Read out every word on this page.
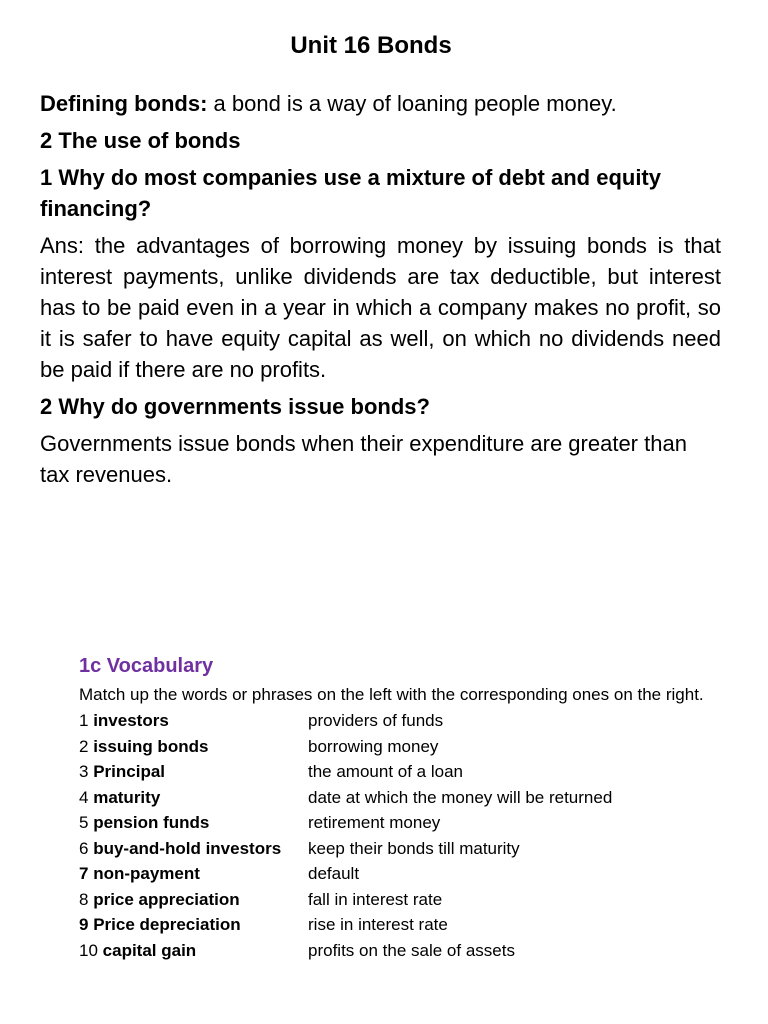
Unit 16 Bonds

Defining bonds: a bond is a way of loaning people money.

2 The use of bonds

1 Why do most companies use a mixture of debt and equity financing?

Ans: the advantages of borrowing money by issuing bonds is that interest payments, unlike dividends are tax deductible, but interest has to be paid even in a year in which a company makes no profit, so it is safer to have equity capital as well, on which no dividends need be paid if there are no profits.

2 Why do governments issue bonds?

Governments issue bonds when their expenditure are greater than tax revenues.

1c Vocabulary

Match up the words or phrases on the left with the corresponding ones on the right.

1 investors	providers of funds
2 issuing bonds	borrowing money
3 Principal	the amount of a loan
4 maturity	date at which the money will be returned
5 pension funds	retirement money
6 buy-and-hold investors	keep their bonds till maturity
7 non-payment	default
8 price appreciation	fall in interest rate
9 Price depreciation	rise in interest rate
10 capital gain	profits on the sale of assets
